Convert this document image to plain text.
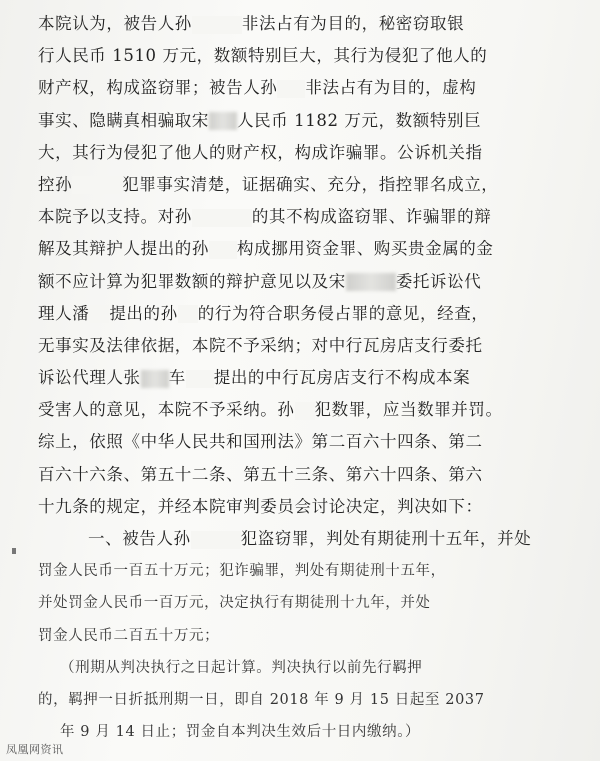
本院认为，被告人孙	非法占有为目的，秘密窃取银
行人民币 1510 万元，数额特别巨大，其行为侵犯了他人的
财产权，构成盗窃罪；被告人孙 非法占有为目的，虚构
事实、隐瞒真相骗取宋 人民币 1182 万元，数额特别巨
大，其行为侵犯了他人的财产权，构成诈骗罪。公诉机关指
控孙	犯罪事实清楚，证据确实、充分，指控罪名成立，
本院予以支持。对孙	的其不构成盗窃罪、诈骗罪的辩
解及其辩护人提出的孙 构成挪用资金罪、购买贵金属的金
额不应计算为犯罪数额的辩护意见以及宋	委托诉讼代
理人潘 提出的孙 的行为符合职务侵占罪的意见，经查，
无事实及法律依据，本院不予采纳；对中行瓦房店支行委托
诉讼代理人张 车 提出的中行瓦房店支行不构成本案
受害人的意见，本院不予采纳。孙 犯数罪，应当数罪并罚。
综上，依照《中华人民共和国刑法》第二百六十四条、第二
百六十六条、第五十二条、第五十三条、第六十四条、第六
十九条的规定，并经本院审判委员会讨论决定，判决如下：
一、被告人孙	犯盗窃罪，判处有期徒刑十五年，并处
罚金人民币一百五十万元；犯诈骗罪，判处有期徒刑十五年，
并处罚金人民币一百万元，决定执行有期徒刑十九年，并处
罚金人民币二百五十万元；
（刑期从判决执行之日起计算。判决执行以前先行羁押
的，羁押一日折抵刑期一日，即自 2018 年 9 月 15 日起至 2037
年 9 月 14 日止；罚金自本判决生效后十日内缴纳。）
凤凰网资讯
